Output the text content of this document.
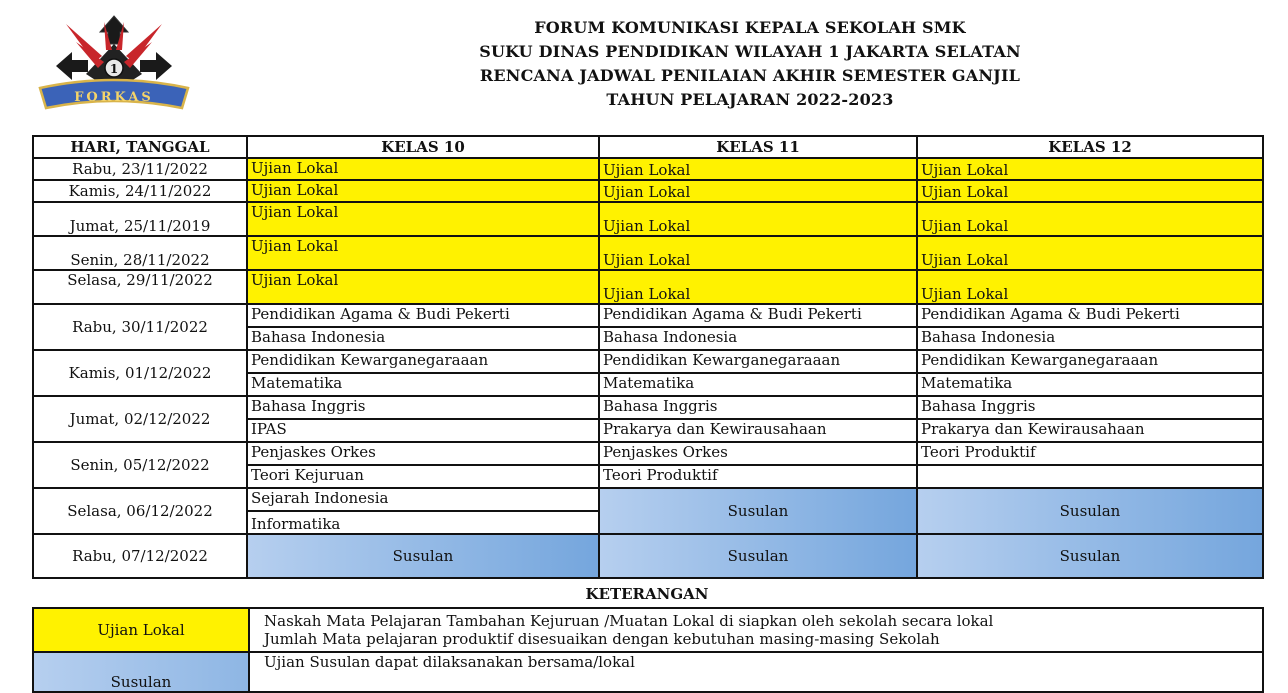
1
FORKAS
FORUM KOMUNIKASI KEPALA SEKOLAH SMK
SUKU DINAS PENDIDIKAN WILAYAH 1 JAKARTA SELATAN
RENCANA JADWAL PENILAIAN AKHIR SEMESTER GANJIL
TAHUN PELAJARAN 2022-2023
HARI, TANGGAL	KELAS 10	KELAS 11	KELAS 12
Rabu, 23/11/2022	Ujian Lokal	Ujian Lokal	Ujian Lokal
Kamis, 24/11/2022	Ujian Lokal	Ujian Lokal	Ujian Lokal
Jumat, 25/11/2019	Ujian Lokal	Ujian Lokal	Ujian Lokal
Senin, 28/11/2022	Ujian Lokal	Ujian Lokal	Ujian Lokal
Selasa, 29/11/2022	Ujian Lokal	Ujian Lokal	Ujian Lokal
Rabu, 30/11/2022	Pendidikan Agama & Budi Pekerti	Pendidikan Agama & Budi Pekerti	Pendidikan Agama & Budi Pekerti
	Bahasa Indonesia	Bahasa Indonesia	Bahasa Indonesia
Kamis, 01/12/2022	Pendidikan Kewarganegaraaan	Pendidikan Kewarganegaraaan	Pendidikan Kewarganegaraaan
	Matematika	Matematika	Matematika
Jumat, 02/12/2022	Bahasa Inggris	Bahasa Inggris	Bahasa Inggris
	IPAS	Prakarya dan Kewirausahaan	Prakarya dan Kewirausahaan
Senin, 05/12/2022	Penjaskes Orkes	Penjaskes Orkes	Teori Produktif
	Teori Kejuruan	Teori Produktif	
Selasa, 06/12/2022	Sejarah Indonesia	Susulan	Susulan
	Informatika		
Rabu, 07/12/2022	Susulan	Susulan	Susulan
KETERANGAN
Ujian Lokal	Naskah Mata Pelajaran Tambahan Kejuruan /Muatan Lokal di siapkan oleh sekolah secara lokal
Jumlah Mata pelajaran produktif disesuaikan dengan kebutuhan masing-masing Sekolah

Susulan	Ujian Susulan dapat dilaksanakan bersama/lokal
